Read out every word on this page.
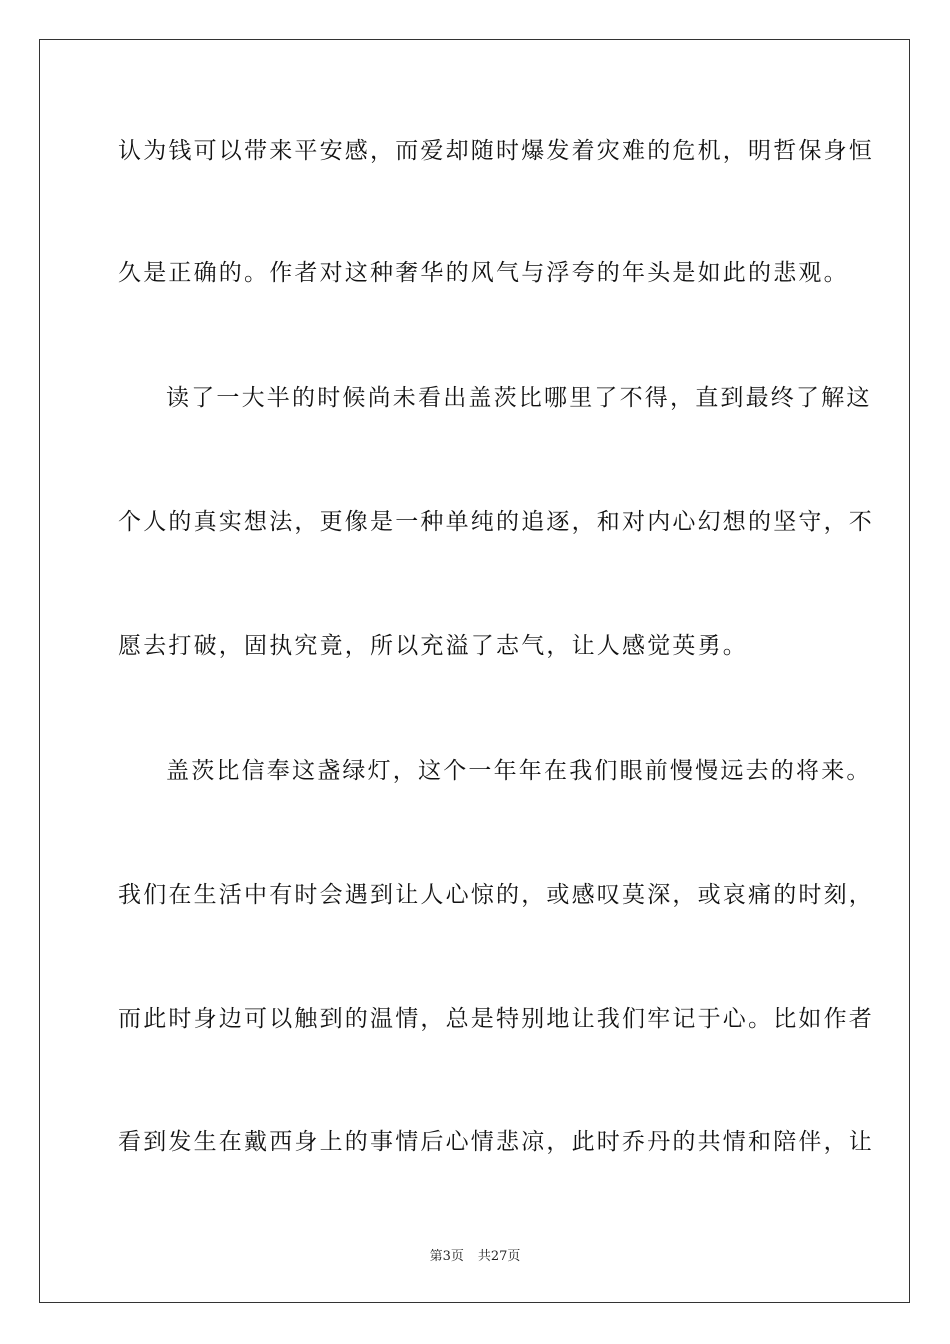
认为钱可以带来平安感，而爱却随时爆发着灾难的危机，明哲保身恒
久是正确的。作者对这种奢华的风气与浮夸的年头是如此的悲观。
读了一大半的时候尚未看出盖茨比哪里了不得，直到最终了解这
个人的真实想法，更像是一种单纯的追逐，和对内心幻想的坚守，不
愿去打破，固执究竟，所以充溢了志气，让人感觉英勇。
盖茨比信奉这盏绿灯，这个一年年在我们眼前慢慢远去的将来。
我们在生活中有时会遇到让人心惊的，或感叹莫深，或哀痛的时刻，
而此时身边可以触到的温情，总是特别地让我们牢记于心。比如作者
看到发生在戴西身上的事情后心情悲凉，此时乔丹的共情和陪伴，让
第3页 共27页
